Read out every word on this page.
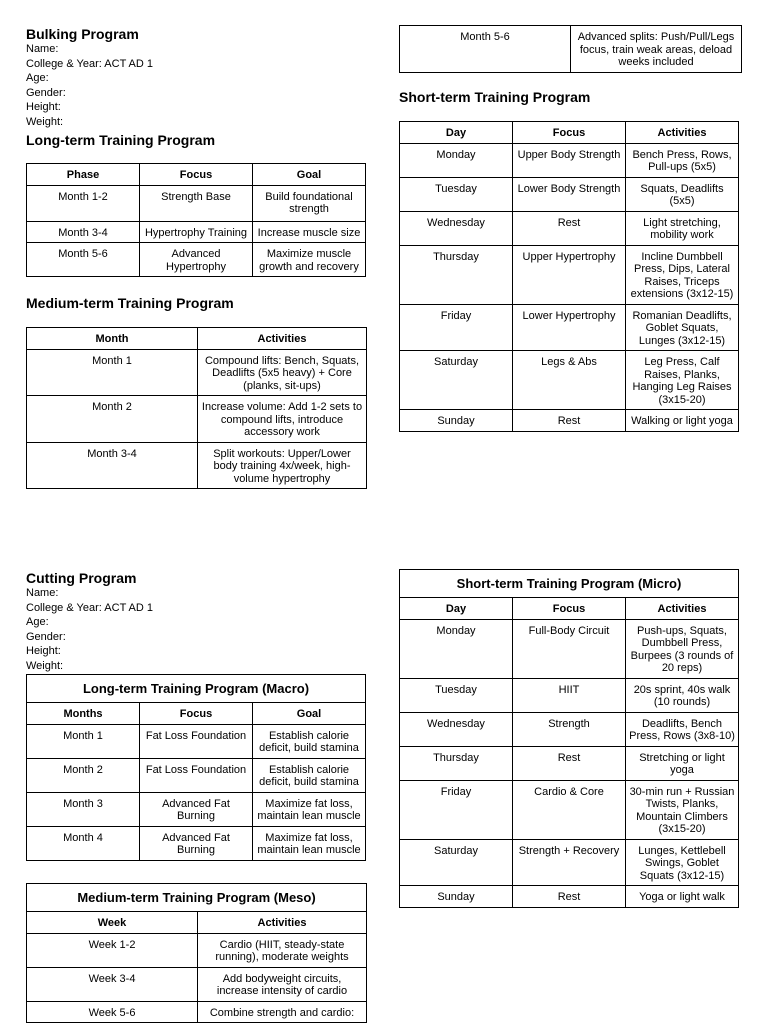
Bulking Program
Name:
College & Year: ACT AD 1
Age:
Gender:
Height:
Weight:
Long-term Training Program
Phase	Focus	Goal
Month 1-2	Strength Base	Build foundational strength
Month 3-4	Hypertrophy Training	Increase muscle size
Month 5-6	Advanced Hypertrophy	Maximize muscle growth and recovery
Medium-term Training Program
Month	Activities
Month 1	Compound lifts: Bench, Squats, Deadlifts (5x5 heavy) + Core (planks, sit-ups)
Month 2	Increase volume: Add 1-2 sets to compound lifts, introduce accessory work
Month 3-4	Split workouts: Upper/Lower body training 4x/week, high-volume hypertrophy
Month 5-6	Advanced splits: Push/Pull/Legs focus, train weak areas, deload weeks included
Short-term Training Program
Day	Focus	Activities
Monday	Upper Body Strength	Bench Press, Rows, Pull-ups (5x5)
Tuesday	Lower Body Strength	Squats, Deadlifts (5x5)
Wednesday	Rest	Light stretching, mobility work
Thursday	Upper Hypertrophy	Incline Dumbbell Press, Dips, Lateral Raises, Triceps extensions (3x12-15)
Friday	Lower Hypertrophy	Romanian Deadlifts, Goblet Squats, Lunges (3x12-15)
Saturday	Legs & Abs	Leg Press, Calf Raises, Planks, Hanging Leg Raises (3x15-20)
Sunday	Rest	Walking or light yoga
Cutting Program
Name:
College & Year: ACT AD 1
Age:
Gender:
Height:
Weight:
Long-term Training Program (Macro)
Months	Focus	Goal
Month 1	Fat Loss Foundation	Establish calorie deficit, build stamina
Month 2	Fat Loss Foundation	Establish calorie deficit, build stamina
Month 3	Advanced Fat Burning	Maximize fat loss, maintain lean muscle
Month 4	Advanced Fat Burning	Maximize fat loss, maintain lean muscle
Medium-term Training Program (Meso)
Week	Activities
Week 1-2	Cardio (HIIT, steady-state running), moderate weights
Week 3-4	Add bodyweight circuits, increase intensity of cardio
Week 5-6	Combine strength and cardio:
Short-term Training Program (Micro)
Day	Focus	Activities
Monday	Full-Body Circuit	Push-ups, Squats, Dumbbell Press, Burpees (3 rounds of 20 reps)
Tuesday	HIIT	20s sprint, 40s walk (10 rounds)
Wednesday	Strength	Deadlifts, Bench Press, Rows (3x8-10)
Thursday	Rest	Stretching or light yoga
Friday	Cardio & Core	30-min run + Russian Twists, Planks, Mountain Climbers (3x15-20)
Saturday	Strength + Recovery	Lunges, Kettlebell Swings, Goblet Squats (3x12-15)
Sunday	Rest	Yoga or light walk
